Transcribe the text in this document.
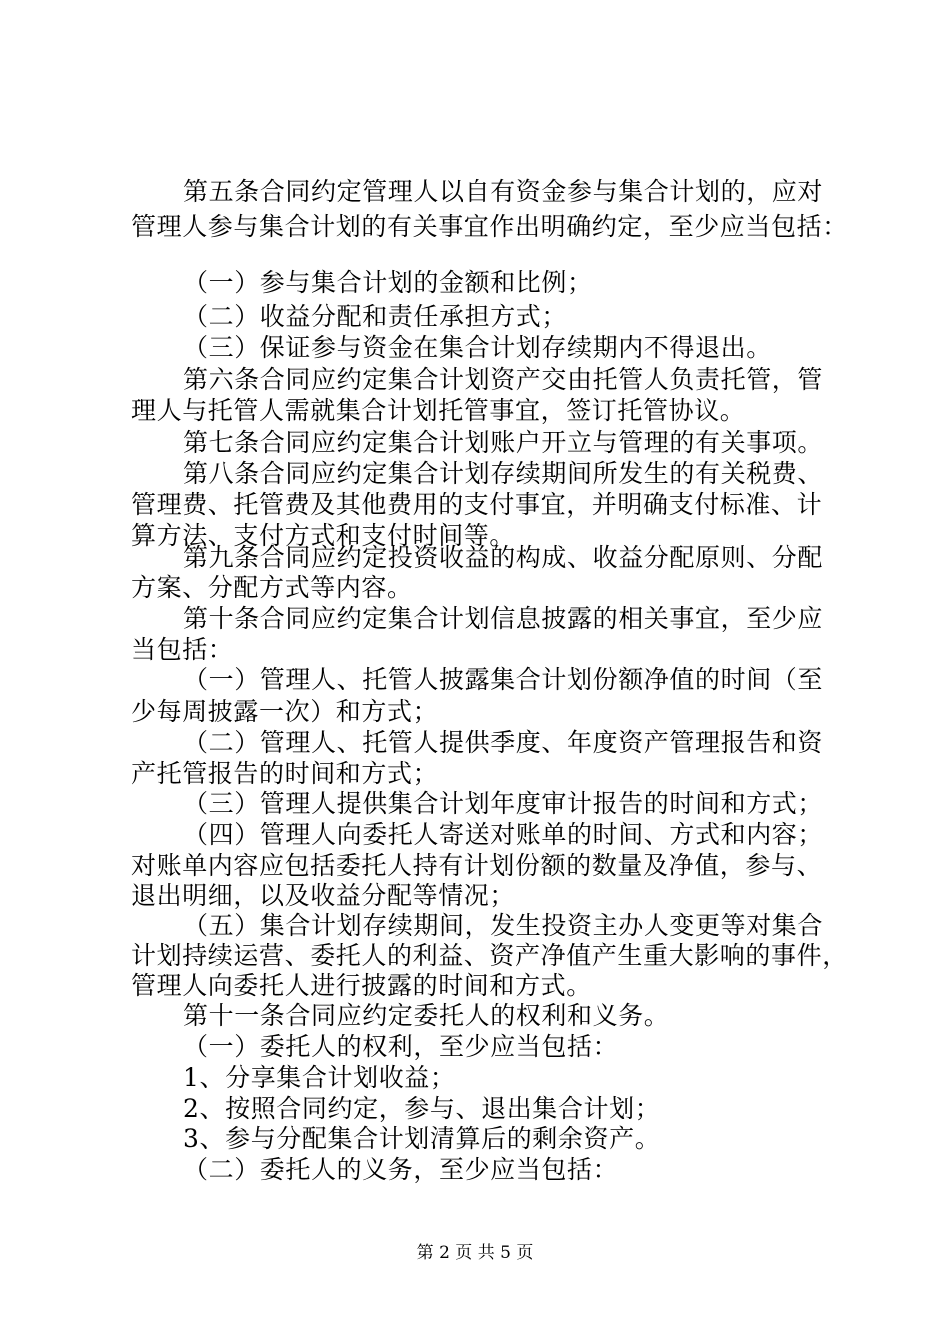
第五条合同约定管理人以自有资金参与集合计划的，应对
管理人参与集合计划的有关事宜作出明确约定，至少应当包括：
（一）参与集合计划的金额和比例；
（二）收益分配和责任承担方式；
（三）保证参与资金在集合计划存续期内不得退出。
第六条合同应约定集合计划资产交由托管人负责托管，管
理人与托管人需就集合计划托管事宜，签订托管协议。
第七条合同应约定集合计划账户开立与管理的有关事项。
第八条合同应约定集合计划存续期间所发生的有关税费、
管理费、托管费及其他费用的支付事宜，并明确支付标准、计
算方法、支付方式和支付时间等。
第九条合同应约定投资收益的构成、收益分配原则、分配
方案、分配方式等内容。
第十条合同应约定集合计划信息披露的相关事宜，至少应
当包括：
（一）管理人、托管人披露集合计划份额净值的时间（至
少每周披露一次）和方式；
（二）管理人、托管人提供季度、年度资产管理报告和资
产托管报告的时间和方式；
（三）管理人提供集合计划年度审计报告的时间和方式；
（四）管理人向委托人寄送对账单的时间、方式和内容；
对账单内容应包括委托人持有计划份额的数量及净值，参与、
退出明细，以及收益分配等情况；
（五）集合计划存续期间，发生投资主办人变更等对集合
计划持续运营、委托人的利益、资产净值产生重大影响的事件，
管理人向委托人进行披露的时间和方式。
第十一条合同应约定委托人的权利和义务。
（一）委托人的权利，至少应当包括：
1、分享集合计划收益；
2、按照合同约定，参与、退出集合计划；
3、参与分配集合计划清算后的剩余资产。
（二）委托人的义务，至少应当包括：
第 2 页 共 5 页
